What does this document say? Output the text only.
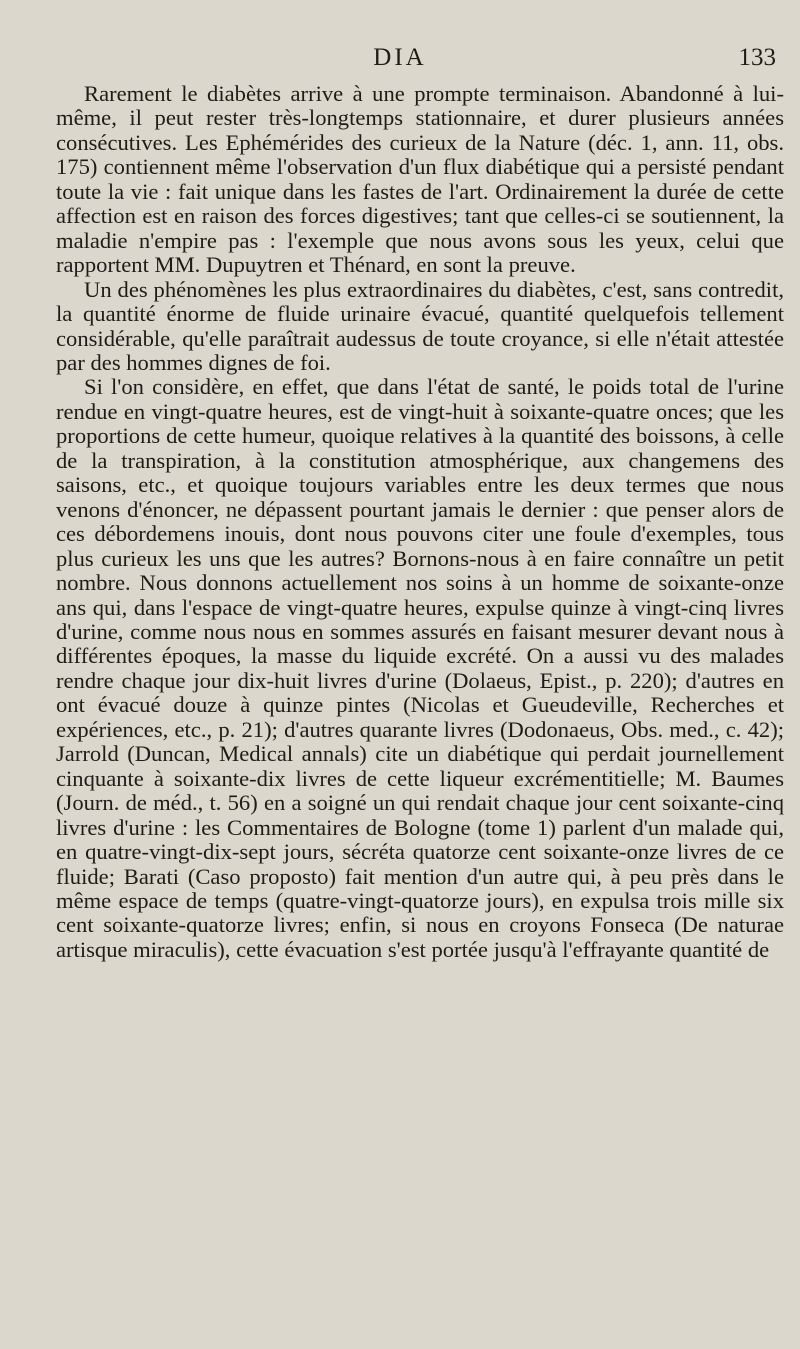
DIA	133

Rarement le diabètes arrive à une prompte terminaison. Abandonné à lui-même, il peut rester très-longtemps stationnaire, et durer plusieurs années consécutives. Les Ephémérides des curieux de la Nature (déc. 1, ann. 11, obs. 175) contiennent même l'observation d'un flux diabétique qui a persisté pendant toute la vie : fait unique dans les fastes de l'art. Ordinairement la durée de cette affection est en raison des forces digestives; tant que celles-ci se soutiennent, la maladie n'empire pas : l'exemple que nous avons sous les yeux, celui que rapportent MM. Dupuytren et Thénard, en sont la preuve.

Un des phénomènes les plus extraordinaires du diabètes, c'est, sans contredit, la quantité énorme de fluide urinaire évacué, quantité quelquefois tellement considérable, qu'elle paraîtrait audessus de toute croyance, si elle n'était attestée par des hommes dignes de foi.

Si l'on considère, en effet, que dans l'état de santé, le poids total de l'urine rendue en vingt-quatre heures, est de vingt-huit à soixante-quatre onces; que les proportions de cette humeur, quoique relatives à la quantité des boissons, à celle de la transpiration, à la constitution atmosphérique, aux changemens des saisons, etc., et quoique toujours variables entre les deux termes que nous venons d'énoncer, ne dépassent pourtant jamais le dernier : que penser alors de ces débordemens inouis, dont nous pouvons citer une foule d'exemples, tous plus curieux les uns que les autres? Bornons-nous à en faire connaître un petit nombre. Nous donnons actuellement nos soins à un homme de soixante-onze ans qui, dans l'espace de vingt-quatre heures, expulse quinze à vingt-cinq livres d'urine, comme nous nous en sommes assurés en faisant mesurer devant nous à différentes époques, la masse du liquide excrété. On a aussi vu des malades rendre chaque jour dix-huit livres d'urine (Dolaeus, Epist., p. 220); d'autres en ont évacué douze à quinze pintes (Nicolas et Gueudeville, Recherches et expériences, etc., p. 21); d'autres quarante livres (Dodonaeus, Obs. med., c. 42); Jarrold (Duncan, Medical annals) cite un diabétique qui perdait journellement cinquante à soixante-dix livres de cette liqueur excrémentitielle; M. Baumes (Journ. de méd., t. 56) en a soigné un qui rendait chaque jour cent soixante-cinq livres d'urine : les Commentaires de Bologne (tome 1) parlent d'un malade qui, en quatre-vingt-dix-sept jours, sécréta quatorze cent soixante-onze livres de ce fluide; Barati (Caso proposto) fait mention d'un autre qui, à peu près dans le même espace de temps (quatre-vingt-quatorze jours), en expulsa trois mille six cent soixante-quatorze livres; enfin, si nous en croyons Fonseca (De naturae artisque miraculis), cette évacuation s'est portée jusqu'à l'effrayante quantité de
